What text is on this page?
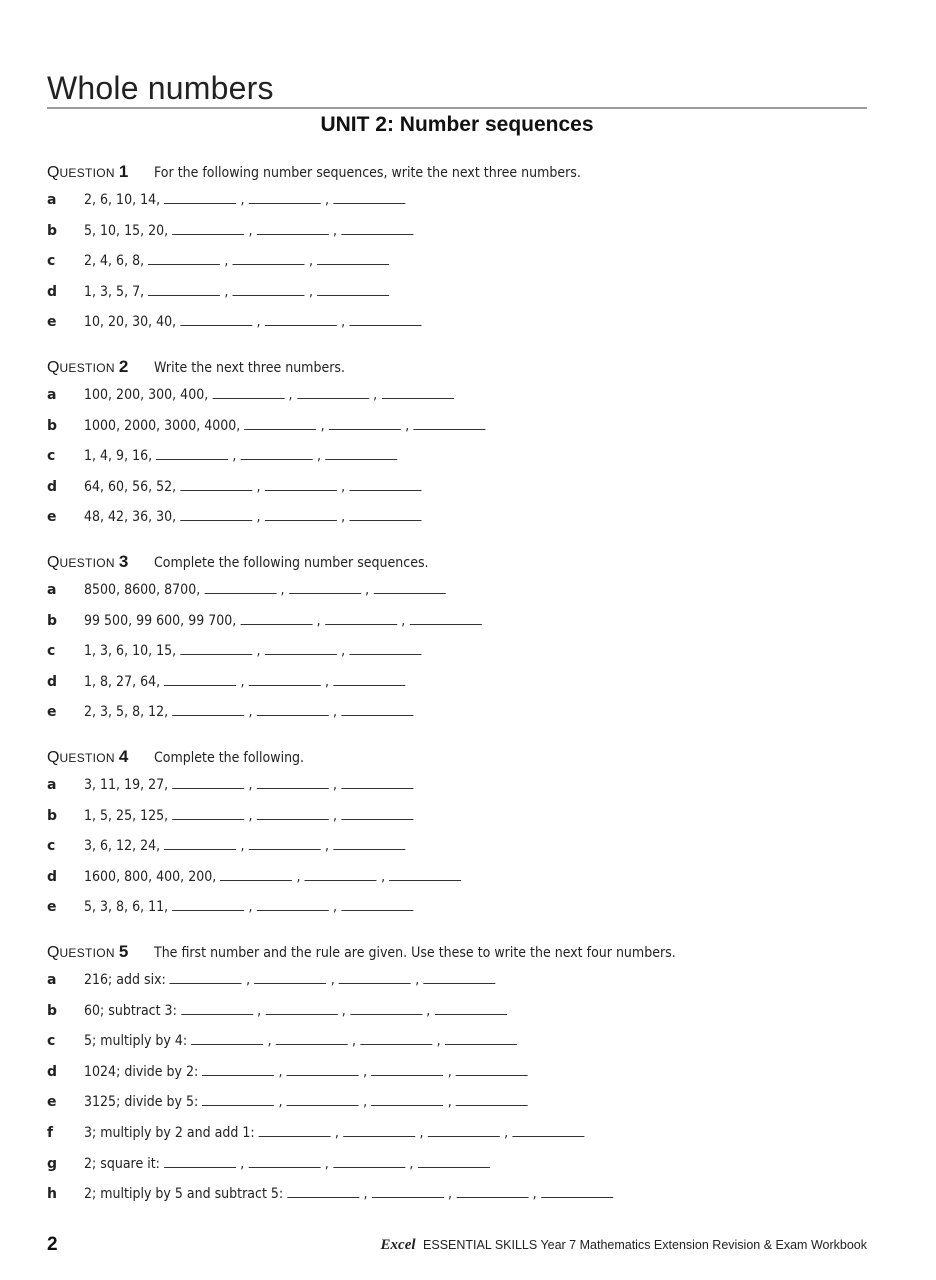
Whole numbers
UNIT 2: Number sequences
QUESTION 1 For the following number sequences, write the next three numbers.
a	2, 6, 10, 14,	,	,
b	5, 10, 15, 20,	,	,
c	2, 4, 6, 8,	,	,
d	1, 3, 5, 7,	,	,
e	10, 20, 30, 40,	,	,
QUESTION 2 Write the next three numbers.
a	100, 200, 300, 400,	,	,
b	1000, 2000, 3000, 4000,	,	,
c	1, 4, 9, 16,	,	,
d	64, 60, 56, 52,	,	,
e	48, 42, 36, 30,	,	,
QUESTION 3 Complete the following number sequences.
a	8500, 8600, 8700,	,	,
b	99 500, 99 600, 99 700,	,	,
c	1, 3, 6, 10, 15,	,	,
d	1, 8, 27, 64,	,	,
e	2, 3, 5, 8, 12,	,	,
QUESTION 4 Complete the following.
a	3, 11, 19, 27,	,	,
b	1, 5, 25, 125,	,	,
c	3, 6, 12, 24,	,	,
d	1600, 800, 400, 200,	,	,
e	5, 3, 8, 6, 11,	,	,
QUESTION 5 The first number and the rule are given. Use these to write the next four numbers.
a	216; add six:	,	,	,
b	60; subtract 3:	,	,	,
c	5; multiply by 4:	,	,	,
d	1024; divide by 2:	,	,	,
e	3125; divide by 5:	,	,	,
f	3; multiply by 2 and add 1:	,	,	,
g	2; square it:	,	,	,
h	2; multiply by 5 and subtract 5:	,	,	,
2	Excel ESSENTIAL SKILLS Year 7 Mathematics Extension Revision & Exam Workbook
